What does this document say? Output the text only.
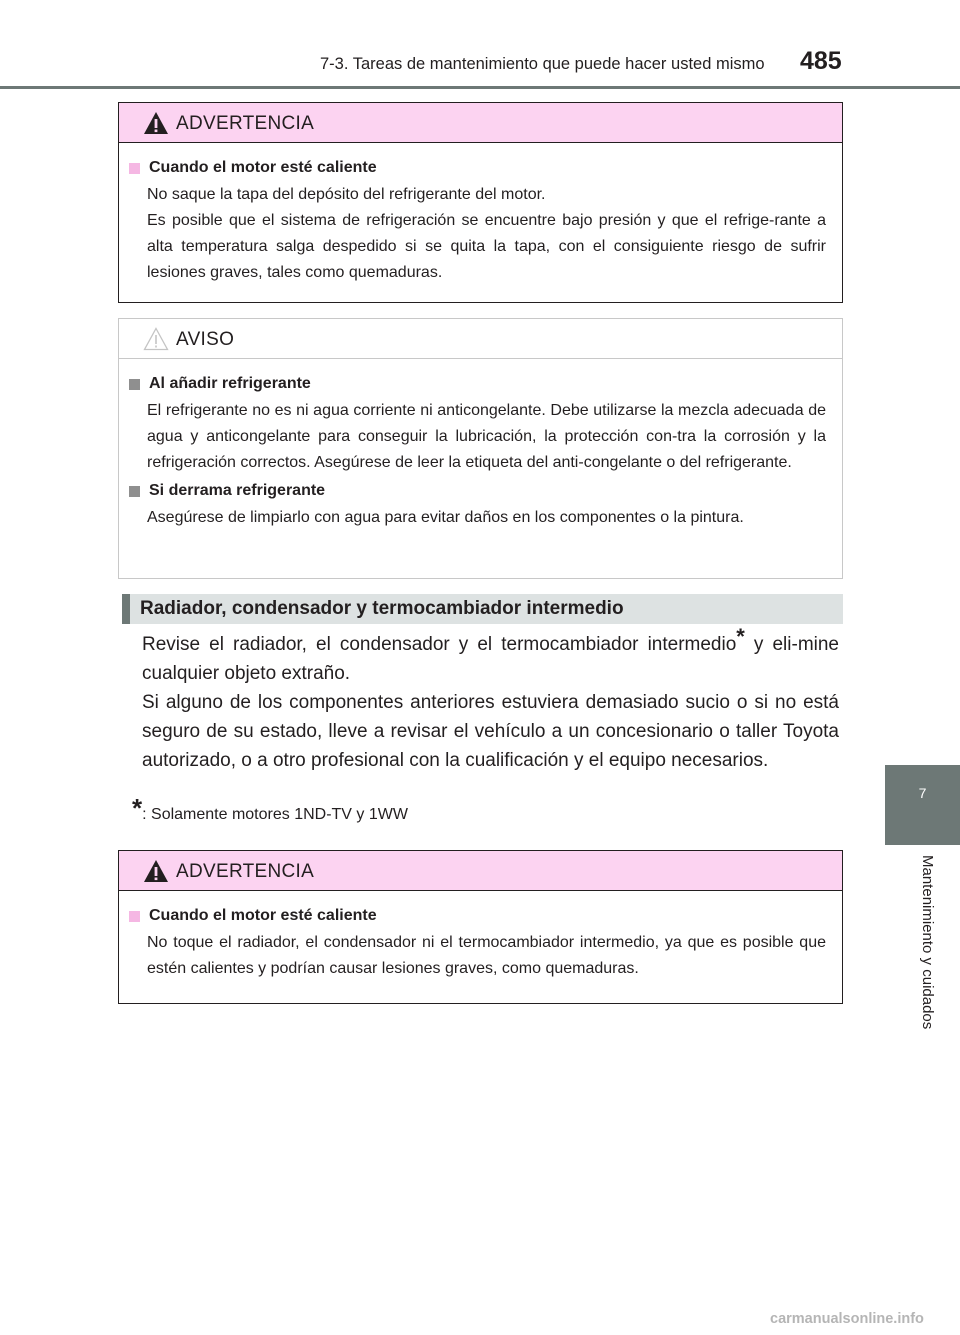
7-3. Tareas de mantenimiento que puede hacer usted mismo 485
7
Mantenimiento y cuidados
ADVERTENCIA
Cuando el motor esté caliente

No saque la tapa del depósito del refrigerante del motor.

Es posible que el sistema de refrigeración se encuentre bajo presión y que el refrige-rante a alta temperatura salga despedido si se quita la tapa, con el consiguiente riesgo de sufrir lesiones graves, tales como quemaduras.

AVISO
Al añadir refrigerante

El refrigerante no es ni agua corriente ni anticongelante. Debe utilizarse la mezcla adecuada de agua y anticongelante para conseguir la lubricación, la protección con-tra la corrosión y la refrigeración correctos. Asegúrese de leer la etiqueta del anti-congelante o del refrigerante.

Si derrama refrigerante

Asegúrese de limpiarlo con agua para evitar daños en los componentes o la pintura.

Radiador, condensador y termocambiador intermedio

Revise el radiador, el condensador y el termocambiador intermedio* y eli-mine cualquier objeto extraño.

Si alguno de los componentes anteriores estuviera demasiado sucio o si no está seguro de su estado, lleve a revisar el vehículo a un concesionario o taller Toyota autorizado, o a otro profesional con la cualificación y el equipo necesarios.

*: Solamente motores 1ND-TV y 1WW
ADVERTENCIA
Cuando el motor esté caliente

No toque el radiador, el condensador ni el termocambiador intermedio, ya que es posible que estén calientes y podrían causar lesiones graves, como quemaduras.

carmanualsonline.info
